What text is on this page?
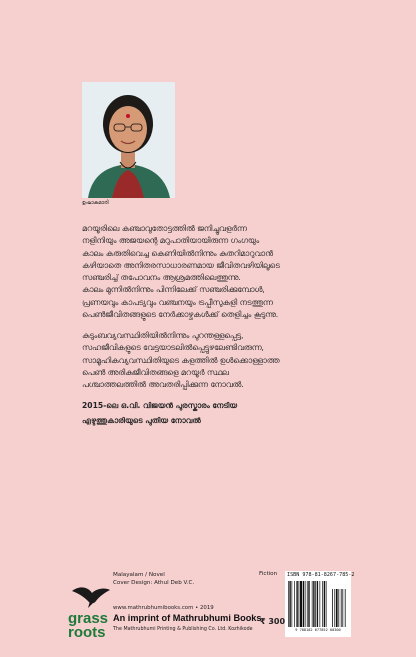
ഉഷാകുമാരി

മറയൂരിലെ കഞ്ചാവുതോട്ടത്തിൽ ജനിച്ചുവളർന്ന

നളിനിയും അജയന്റെ മറുപാതിയായിരുന്ന ഗംഗയും

കാലം കരുതിവെച്ച കെണിയിൽനിന്നും കുതറിമാറുവാൻ

കഴിയാതെ അനിതരസാധാരണമായ ജീവിതവഴിയിലൂടെ

സഞ്ചരിച്ച് തപോവനം ആശ്രമത്തിലെത്തുന്നു.

കാലം മുന്നിൽനിന്നും പിന്നിലേക്ക് സഞ്ചരിക്കുമ്പോൾ,

പ്രണയവും കാപട്യവും വഞ്ചനയും ട്രപ്പീസുകളി നടത്തുന്ന

പെൺജീവിതങ്ങളുടെ നേർക്കാഴ്ചകൾക്ക് തെളിച്ചം കൂടുന്നു.

കുടുംബവ്യവസ്ഥിതിയിൽനിന്നും പുറന്തള്ളപ്പെട്ട,

സഹജീവികളുടെ വേട്ടയാടലിൽപ്പെട്ടുഴലേണ്ടിവരുന്ന,

സാമൂഹികവ്യവസ്ഥിതിയുടെ കളത്തിൽ ഉൾക്കൊള്ളാത്ത

പെൺ അരികുജീവിതങ്ങളെ മറയൂർ സ്ഥല

പശ്ചാത്തലത്തിൽ അവതരിപ്പിക്കുന്ന നോവൽ.

2015-ലെ ഒ.വി. വിജയൻ പുരസ്കാരം നേടിയ

എഴുത്തുകാരിയുടെ പുതിയ നോവൽ

Malayalam / Novel
Cover Design: Athul Deb V.C.
Fiction
grass
roots
www.mathrubhumibooks.com • 2019
An imprint of Mathrubhumi Books
The Mathrubhumi Printing & Publishing Co. Ltd. Kozhikode
₹ 300
ISBN 978-81-8267-785-2
9 788182 677852 00300
